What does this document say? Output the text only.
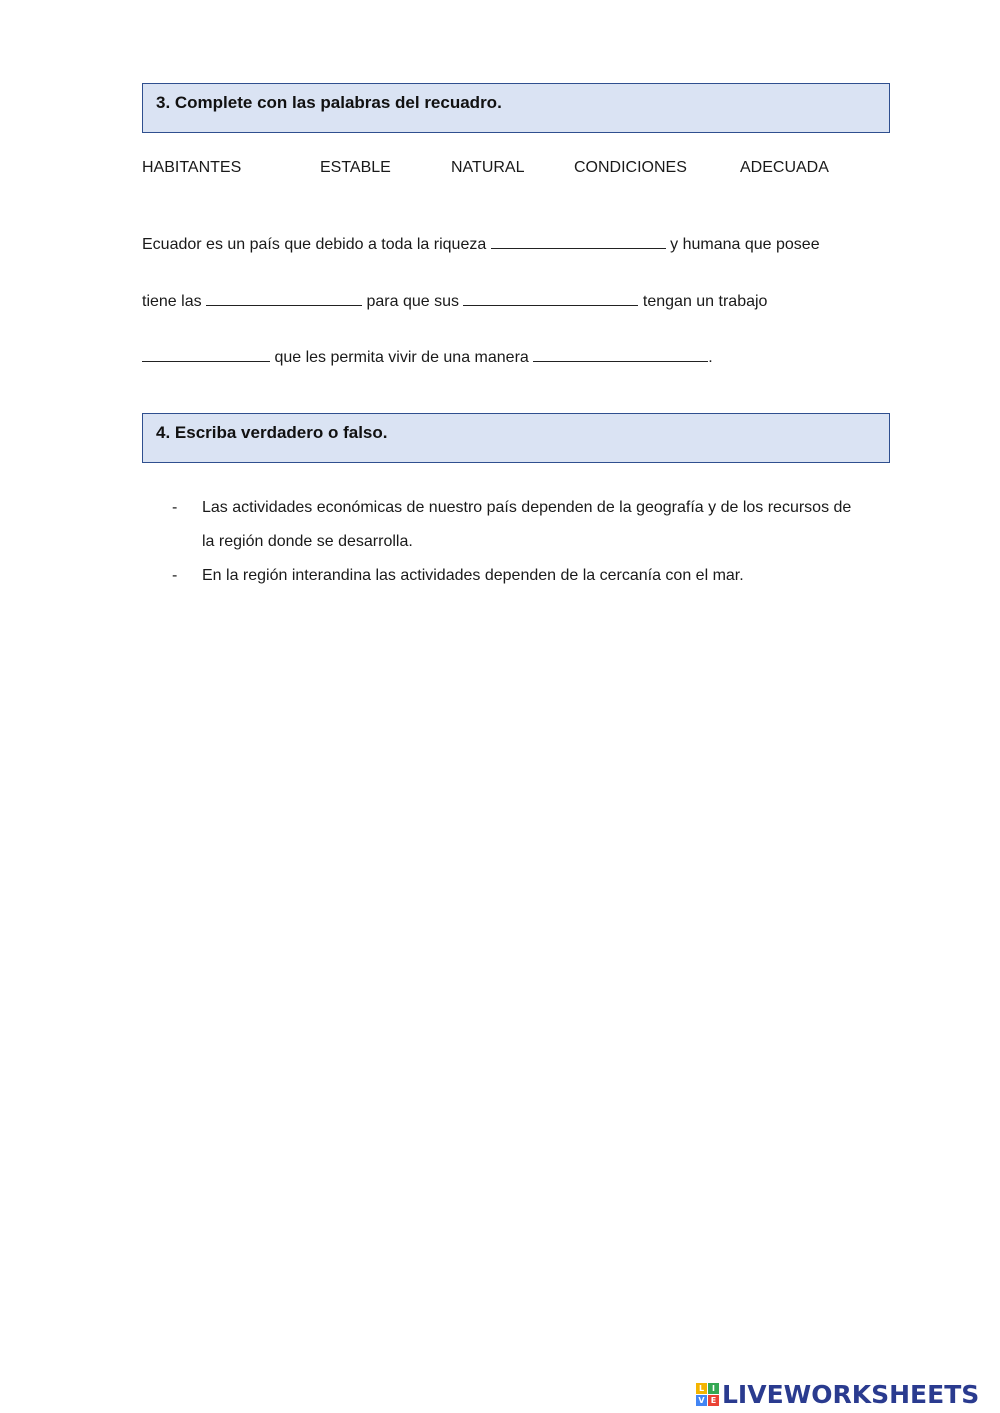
3. Complete con las palabras del recuadro.
HABITANTES	ESTABLE	NATURAL	CONDICIONES	ADECUADA
Ecuador es un país que debido a toda la riqueza	y humana que posee
tiene las	para que sus	tengan un trabajo
que les permita vivir de una manera	.
4. Escriba verdadero o falso.
- Las actividades económicas de nuestro país dependen de la geografía y de los recursos de la región donde se desarrolla.
- En la región interandina las actividades dependen de la cercanía con el mar.
L I
V E LIVEWORKSHEETS
